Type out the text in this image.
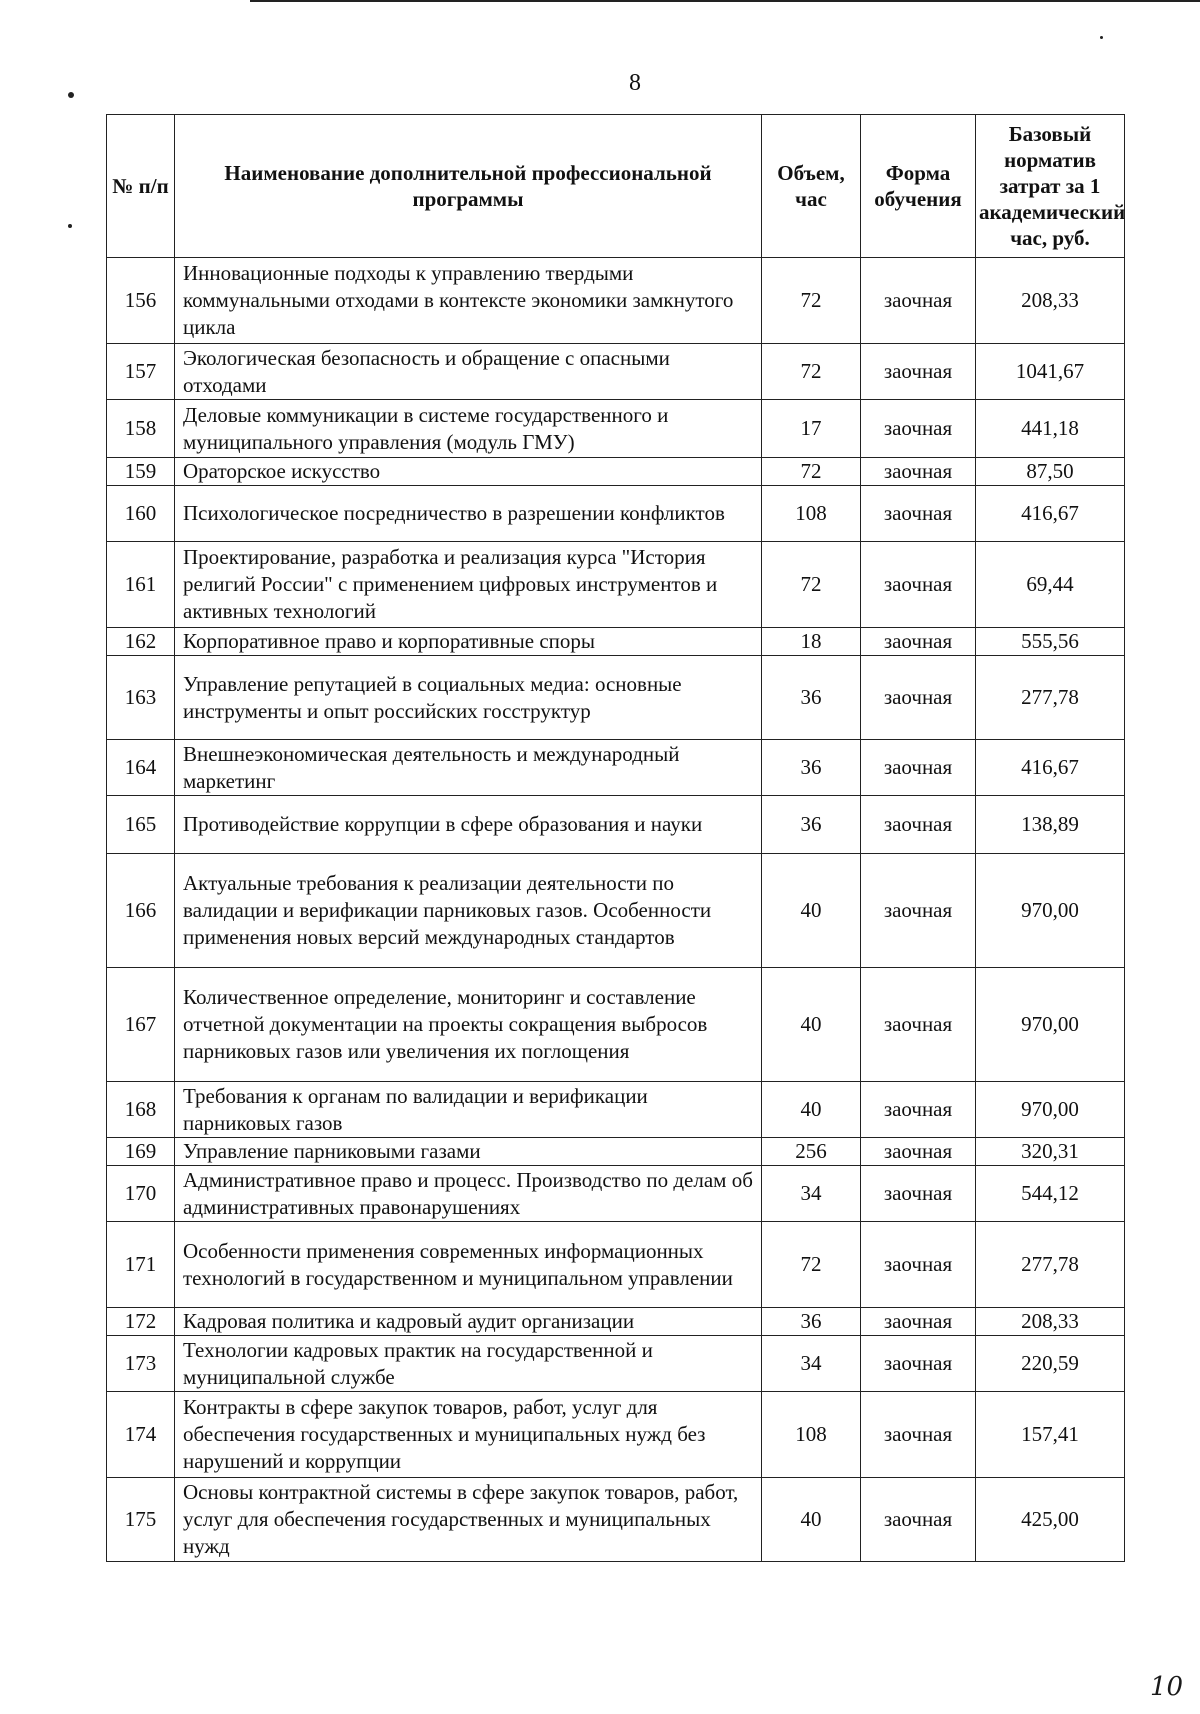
8
№ п/п	Наименование дополнительной профессиональной программы	Объем, час	Форма обучения	Базовый норматив затрат за 1 академический час, руб.
156	Инновационные подходы к управлению твердыми коммунальными отходами в контексте экономики замкнутого цикла	72	заочная	208,33
157	Экологическая безопасность и обращение с опасными отходами	72	заочная	1041,67
158	Деловые коммуникации в системе государственного и муниципального управления (модуль ГМУ)	17	заочная	441,18
159	Ораторское искусство	72	заочная	87,50
160	Психологическое посредничество в разрешении конфликтов	108	заочная	416,67
161	Проектирование, разработка и реализация курса "История религий России" с применением цифровых инструментов и активных технологий	72	заочная	69,44
162	Корпоративное право и корпоративные споры	18	заочная	555,56
163	Управление репутацией в социальных медиа: основные инструменты и опыт российских госструктур	36	заочная	277,78
164	Внешнеэкономическая деятельность и международный маркетинг	36	заочная	416,67
165	Противодействие коррупции в сфере образования и науки	36	заочная	138,89
166	Актуальные требования к реализации деятельности по валидации и верификации парниковых газов. Особенности применения новых версий международных стандартов	40	заочная	970,00
167	Количественное определение, мониторинг и составление отчетной документации на проекты сокращения выбросов парниковых газов или увеличения их поглощения	40	заочная	970,00
168	Требования к органам по валидации и верификации парниковых газов	40	заочная	970,00
169	Управление парниковыми газами	256	заочная	320,31
170	Административное право и процесс. Производство по делам об административных правонарушениях	34	заочная	544,12
171	Особенности применения современных информационных технологий в государственном и муниципальном управлении	72	заочная	277,78
172	Кадровая политика и кадровый аудит организации	36	заочная	208,33
173	Технологии кадровых практик на государственной и муниципальной службе	34	заочная	220,59
174	Контракты в сфере закупок товаров, работ, услуг для обеспечения государственных и муниципальных нужд без нарушений и коррупции	108	заочная	157,41
175	Основы контрактной системы в сфере закупок товаров, работ, услуг для обеспечения государственных и муниципальных нужд	40	заочная	425,00
10
